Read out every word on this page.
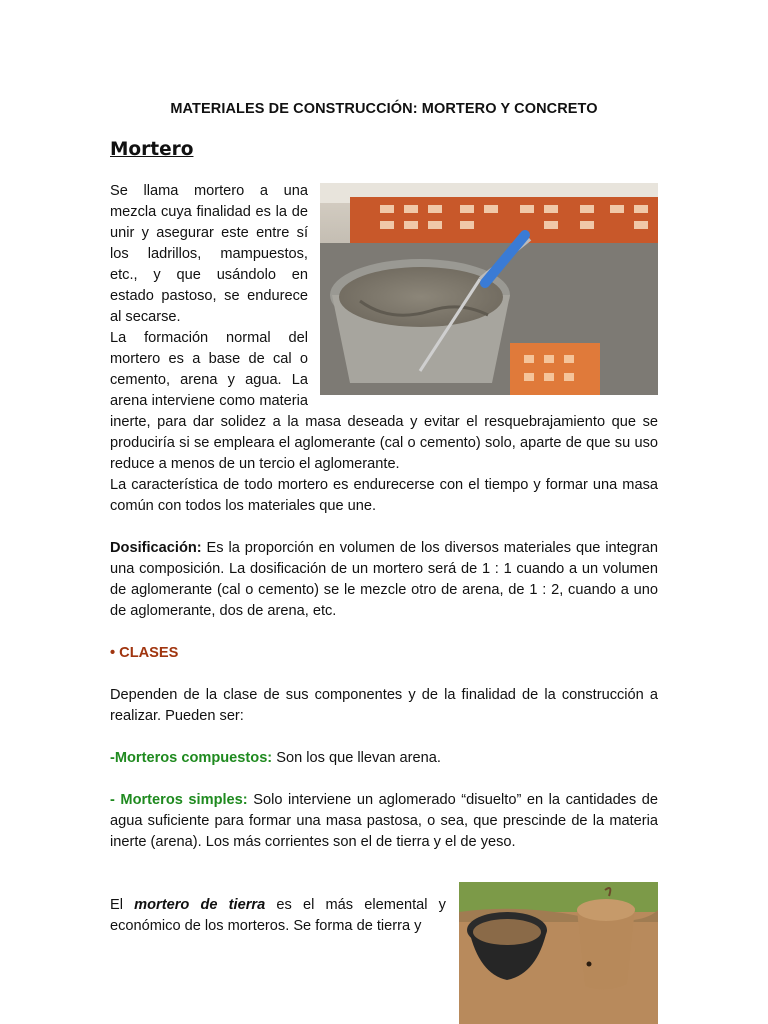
MATERIALES DE CONSTRUCCIÓN: MORTERO Y CONCRETO
Mortero

Se llama mortero a una mezcla cuya finalidad es la de unir y asegurar este entre sí los ladrillos, mampuestos, etc., y que usándolo en estado pastoso, se endurece al secarse.

La formación normal del mortero es a base de cal o cemento, arena y agua. La arena interviene como materia inerte, para dar solidez a la masa deseada y evitar el resquebrajamiento que se produciría si se empleara el aglomerante (cal o cemento) solo, aparte de que su uso reduce a menos de un tercio el aglomerante.

La característica de todo mortero es endurecerse con el tiempo y formar una masa común con todos los materiales que une.

Dosificación: Es la proporción en volumen de los diversos materiales que integran una composición. La dosificación de un mortero será de 1 : 1 cuando a un volumen de aglomerante (cal o cemento) se le mezcle otro de arena, de 1 : 2, cuando a uno de aglomerante, dos de arena, etc.

• CLASES

Dependen de la clase de sus componentes y de la finalidad de la construcción a realizar. Pueden ser:

-Morteros compuestos: Son los que llevan arena.

- Morteros simples: Solo interviene un aglomerado “disuelto” en la cantidades de agua suficiente para formar una masa pastosa, o sea, que prescinde de la materia inerte (arena). Los más corrientes son el de tierra y el de yeso.

El mortero de tierra es el más elemental y económico de los morteros. Se forma de tierra y
